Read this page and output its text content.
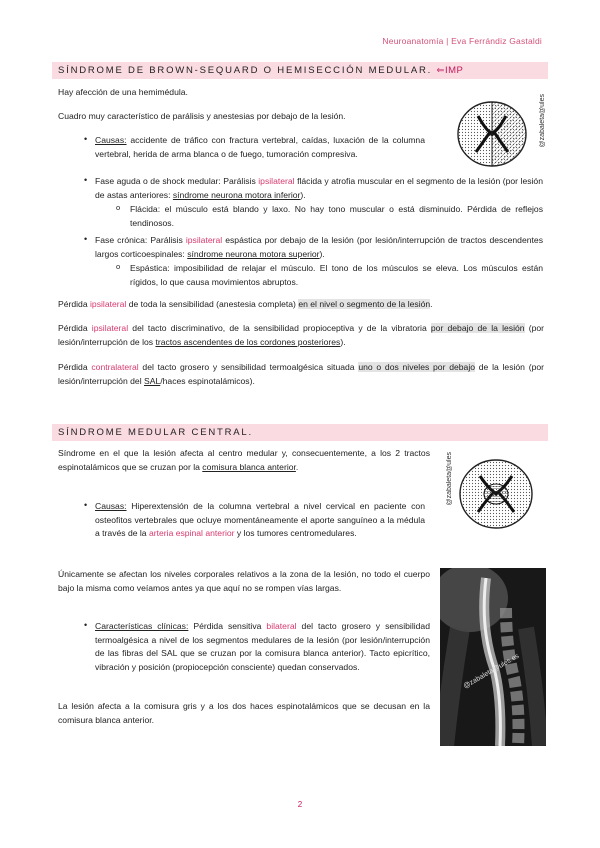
Neuroanatomía | Eva Ferrándiz Gastaldi
SÍNDROME DE BROWN-SEQUARD O HEMISECCIÓN MEDULAR. ⇐IMP
Hay afección de una hemimédula.
Cuadro muy característico de parálisis y anestesias por debajo de la lesión.	@zabaleta@ules
• Causas: accidente de tráfico con fractura vertebral, caídas, luxación de la columna vertebral, herida de arma blanca o de fuego, tumoración compresiva.
• Fase aguda o de shock medular: Parálisis ipsilateral flácida y atrofia muscular en el segmento de la lesión (por lesión de astas anteriores: síndrome neurona motora inferior).
o Flácida: el músculo está blando y laxo. No hay tono muscular o está disminuido. Pérdida de reflejos tendinosos.
• Fase crónica: Parálisis ipsilateral espástica por debajo de la lesión (por lesión/interrupción de tractos descendentes largos corticoespinales: síndrome neurona motora superior).
o Espástica: imposibilidad de relajar el músculo. El tono de los músculos se eleva. Los músculos están rígidos, lo que causa movimientos abruptos.
Pérdida ipsilateral de toda la sensibilidad (anestesia completa) en el nivel o segmento de la lesión.
Pérdida ipsilateral del tacto discriminativo, de la sensibilidad propioceptiva y de la vibratoria por debajo de la lesión (por lesión/interrupción de los tractos ascendentes de los cordones posteriores).
Pérdida contralateral del tacto grosero y sensibilidad termoalgésica situada uno o dos niveles por debajo de la lesión (por lesión/interrupción del SAL/haces espinotalámicos).
SÍNDROME MEDULAR CENTRAL.
Síndrome en el que la lesión afecta al centro medular y, consecuentemente, a los 2 tractos espinotalámicos que se cruzan por la comisura blanca anterior.	@zabaleta@ules
• Causas: Hiperextensión de la columna vertebral a nivel cervical en paciente con osteofitos vertebrales que ocluye momentáneamente el aporte sanguíneo a la médula a través de la arteria espinal anterior y los tumores centromedulares.
Únicamente se afectan los niveles corporales relativos a la zona de la lesión, no todo el cuerpo bajo la misma como veíamos antes ya que aquí no se rompen vías largas.
@zabaleta@ules.es
• Características clínicas: Pérdida sensitiva bilateral del tacto grosero y sensibilidad termoalgésica a nivel de los segmentos medulares de la lesión (por lesión/interrupción de las fibras del SAL que se cruzan por la comisura blanca anterior). Tacto epicrítico, vibración y posición (propiocepción consciente) quedan conservados.
La lesión afecta a la comisura gris y a los dos haces espinotalámicos que se decusan en la comisura blanca anterior.
2
